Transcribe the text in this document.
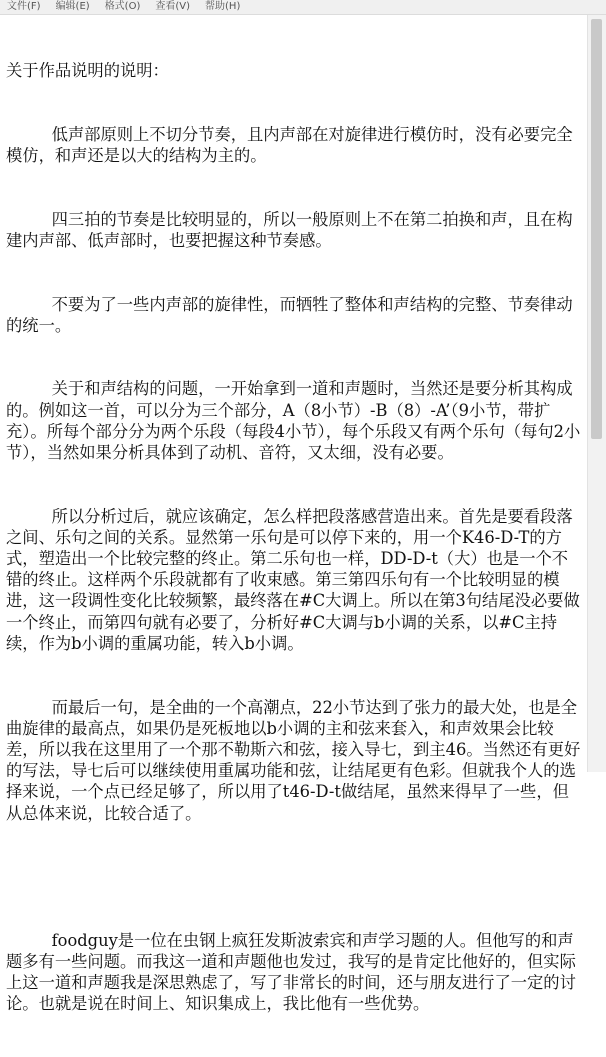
文件(F)	编辑(E)	格式(O)	查看(V)	帮助(H)

关于作品说明的说明：

低声部原则上不切分节奏，且内声部在对旋律进行模仿时，没有必要完全模仿，和声还是以大的结构为主的。

四三拍的节奏是比较明显的，所以一般原则上不在第二拍换和声，且在构建内声部、低声部时，也要把握这种节奏感。

不要为了一些内声部的旋律性，而牺牲了整体和声结构的完整、节奏律动的统一。

关于和声结构的问题，一开始拿到一道和声题时，当然还是要分析其构成的。例如这一首，可以分为三个部分，A（8小节）-B（8）-A’（9小节，带扩充）。所每个部分分为两个乐段（每段4小节），每个乐段又有两个乐句（每句2小节），当然如果分析具体到了动机、音符，又太细，没有必要。

所以分析过后，就应该确定，怎么样把段落感营造出来。首先是要看段落之间、乐句之间的关系。显然第一乐句是可以停下来的，用一个K46-D-T的方式，塑造出一个比较完整的终止。第二乐句也一样，DD-D-t（大）也是一个不错的终止。这样两个乐段就都有了收束感。第三第四乐句有一个比较明显的模进，这一段调性变化比较频繁，最终落在#C大调上。所以在第3句结尾没必要做一个终止，而第四句就有必要了，分析好#C大调与b小调的关系，以#C主持续，作为b小调的重属功能，转入b小调。

而最后一句，是全曲的一个高潮点，22小节达到了张力的最大处，也是全曲旋律的最高点，如果仍是死板地以b小调的主和弦来套入，和声效果会比较差，所以我在这里用了一个那不勒斯六和弦，接入导七，到主46。当然还有更好的写法，导七后可以继续使用重属功能和弦，让结尾更有色彩。但就我个人的选择来说，一个点已经足够了，所以用了t46-D-t做结尾，虽然来得早了一些，但从总体来说，比较合适了。

foodguy是一位在虫钢上疯狂发斯波索宾和声学习题的人。但他写的和声题多有一些问题。而我这一道和声题他也发过，我写的是肯定比他好的，但实际上这一道和声题我是深思熟虑了，写了非常长的时间，还与朋友进行了一定的讨论。也就是说在时间上、知识集成上，我比他有一些优势。
